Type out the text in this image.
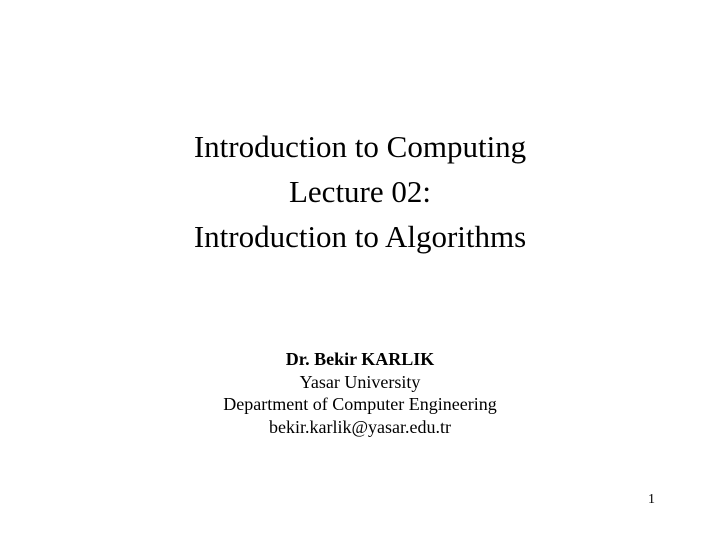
Introduction to Computing
Lecture 02:
Introduction to Algorithms
Dr. Bekir KARLIK
Yasar University
Department of Computer Engineering
bekir.karlik@yasar.edu.tr
1
